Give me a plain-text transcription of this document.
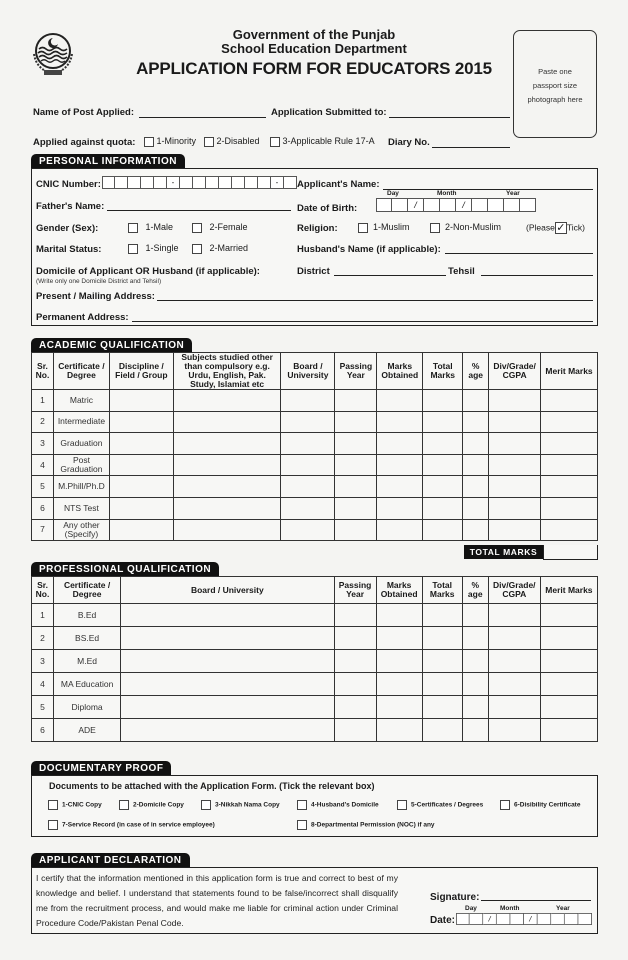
Government of the Punjab
School Education Department
APPLICATION FORM FOR EDUCATORS 2015	Paste one
passport size
photograph here
Name of Post Applied:	Application Submitted to:
Applied against quota:	1-Minority	2-Disabled	3-Applicable Rule 17-A Diary No.
PERSONAL INFORMATION
CNIC Number:	-	-	Applicant's Name:
Father's Name:
Day	Month	Year
Date of Birth:	/	/
Gender (Sex):	1-Male	2-Female	Religion:	1-Muslim	2-Non-Muslim	(Please✓Tick)
Marital Status:	1-Single	2-Married	Husband's Name (if applicable):
Domicile of Applicant OR Husband (if applicable):
(Write only one Domicile District and Tehsil)
District	Tehsil
Present / Mailing Address:
Permanent Address:
ACADEMIC QUALIFICATION
Sr. No.	Certificate / Degree	Discipline / Field / Group	Subjects studied other than compulsory e.g. Urdu, English, Pak. Study, Islamiat etc	Board / University	Passing Year	Marks Obtained	Total Marks	% age	Div/Grade/ CGPA	Merit Marks
1	Matric									
2	Intermediate									
3	Graduation									
4	Post Graduation									
5	M.Phill/Ph.D									
6	NTS Test									
7	Any other (Specify)									
TOTAL MARKS
PROFESSIONAL QUALIFICATION
Sr. No.	Certificate / Degree	Board / University	Passing Year	Marks Obtained	Total Marks	% age	Div/Grade/ CGPA	Merit Marks
1	B.Ed							
2	BS.Ed							
3	M.Ed							
4	MA Education							
5	Diploma							
6	ADE							
DOCUMENTARY PROOF
Documents to be attached with the Application Form. (Tick the relevant box)
1-CNIC Copy	2-Domicile Copy	3-Nikkah Nama Copy	4-Husband's Domicile	5-Certificates / Degrees	6-Disibility Certificate
7-Service Record (in case of in service employee)	8-Departmental Permission (NOC) if any
APPLICANT DECLARATION
I certify that the information mentioned in this application form is true and correct to best of my knowledge and belief. I understand that statements found to be false/incorrect shall disqualify me from the recruitment process, and would make me liable for criminal action under Criminal Procedure Code/Pakistan Penal Code.
Signature:
Day	Month	Year
Date:	/	/
